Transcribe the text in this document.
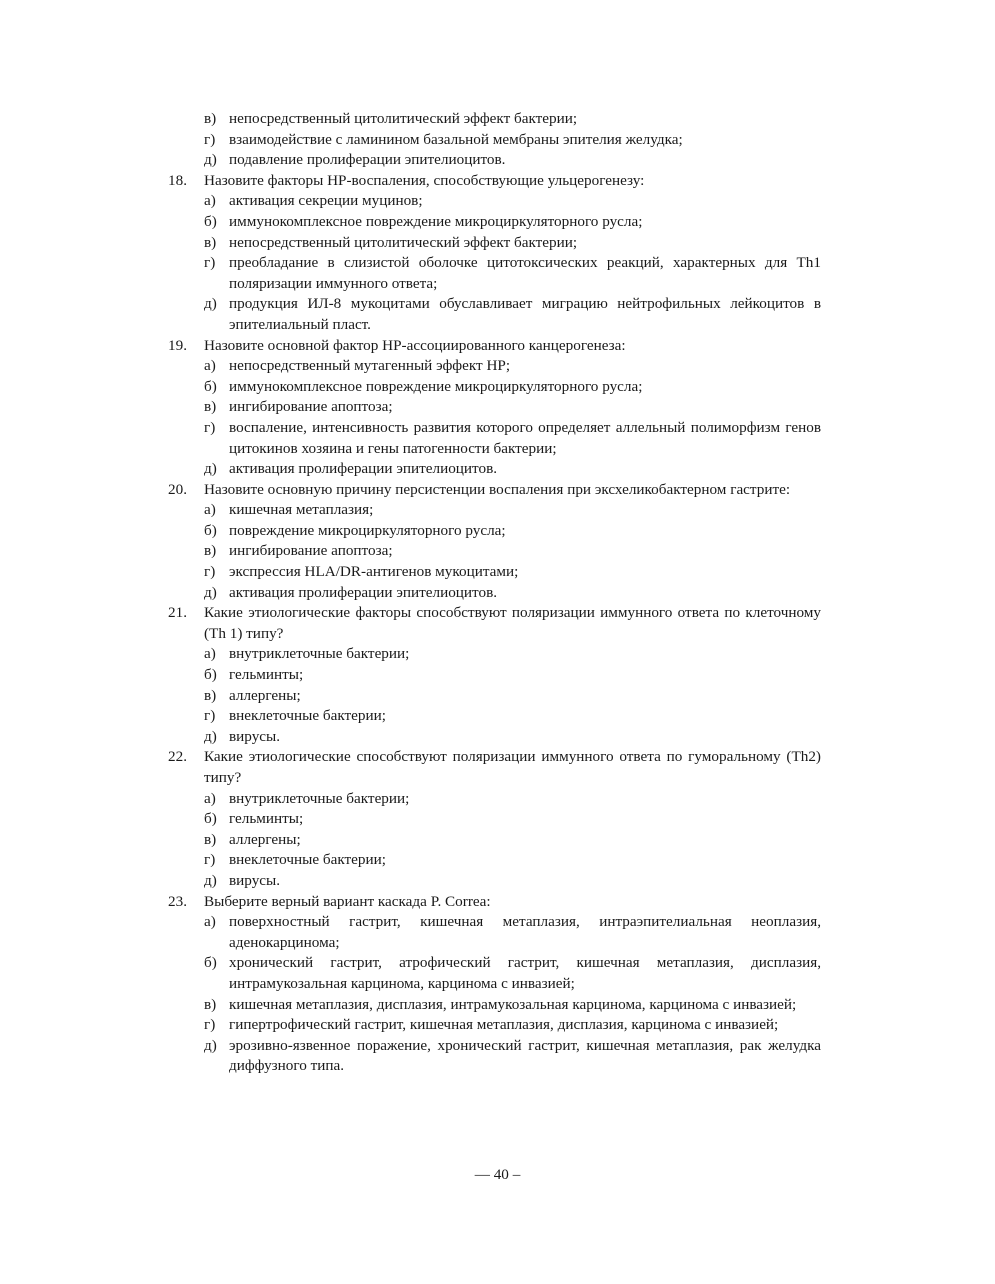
в) непосредственный цитолитический эффект бактерии;
г) взаимодействие с ламинином базальной мембраны эпителия желудка;
д) подавление пролиферации эпителиоцитов.
18. Назовите факторы HP-воспаления, способствующие ульцерогенезу:
а) активация секреции муцинов;
б) иммунокомплексное повреждение микроциркуляторного русла;
в) непосредственный цитолитический эффект бактерии;
г) преобладание в слизистой оболочке цитотоксических реакций, характерных для Th1 поляризации иммунного ответа;
д) продукция ИЛ-8 мукоцитами обуславливает миграцию нейтрофильных лейкоцитов в эпителиальный пласт.
19. Назовите основной фактор HP-ассоциированного канцерогенеза:
а) непосредственный мутагенный эффект HP;
б) иммунокомплексное повреждение микроциркуляторного русла;
в) ингибирование апоптоза;
г) воспаление, интенсивность развития которого определяет аллельный полиморфизм генов цитокинов хозяина и гены патогенности бактерии;
д) активация пролиферации эпителиоцитов.
20. Назовите основную причину персистенции воспаления при эксхеликобактерном гастрите:
а) кишечная метаплазия;
б) повреждение микроциркуляторного русла;
в) ингибирование апоптоза;
г) экспрессия HLA/DR-антигенов мукоцитами;
д) активация пролиферации эпителиоцитов.
21. Какие этиологические факторы способствуют поляризации иммунного ответа по клеточному (Th 1) типу?
а) внутриклеточные бактерии;
б) гельминты;
в) аллергены;
г) внеклеточные бактерии;
д) вирусы.
22. Какие этиологические способствуют поляризации иммунного ответа по гуморальному (Th2) типу?
а) внутриклеточные бактерии;
б) гельминты;
в) аллергены;
г) внеклеточные бактерии;
д) вирусы.
23. Выберите верный вариант каскада P. Correa:
а) поверхностный гастрит, кишечная метаплазия, интраэпителиальная неоплазия, аденокарцинома;
б) хронический гастрит, атрофический гастрит, кишечная метаплазия, дисплазия, интрамукозальная карцинома, карцинома с инвазией;
в) кишечная метаплазия, дисплазия, интрамукозальная карцинома, карцинома с инвазией;
г) гипертрофический гастрит, кишечная метаплазия, дисплазия, карцинома с инвазией;
д) эрозивно-язвенное поражение, хронический гастрит, кишечная метаплазия, рак желудка диффузного типа.
— 40 –
